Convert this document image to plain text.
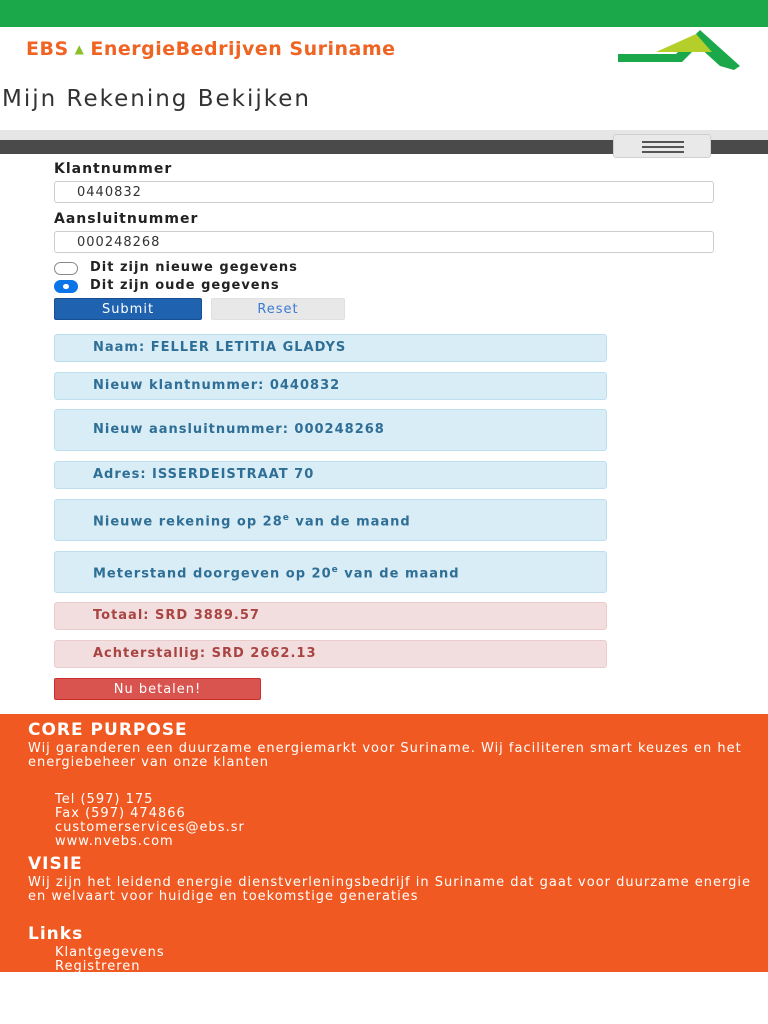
EBS ▲ EnergieBedrijven Suriname
Mijn Rekening Bekijken
Klantnummer
0440832
Aansluitnummer
000248268
Dit zijn nieuwe gegevens
Dit zijn oude gegevens
Submit	Reset
Naam: FELLER LETITIA GLADYS
Nieuw klantnummer: 0440832
Nieuw aansluitnummer: 000248268
Adres: ISSERDEISTRAAT 70
Nieuwe rekening op 28e van de maand
Meterstand doorgeven op 20e van de maand
Totaal: SRD 3889.57
Achterstallig: SRD 2662.13
Nu betalen!
CORE PURPOSE
Wij garanderen een duurzame energiemarkt voor Suriname. Wij faciliteren smart keuzes en het energiebeheer van onze klanten
Tel (597) 175
Fax (597) 474866
customerservices@ebs.sr
www.nvebs.com
VISIE
Wij zijn het leidend energie dienstverleningsbedrijf in Suriname dat gaat voor duurzame energie en welvaart voor huidige en toekomstige generaties
Links
Klantgegevens
Registreren
